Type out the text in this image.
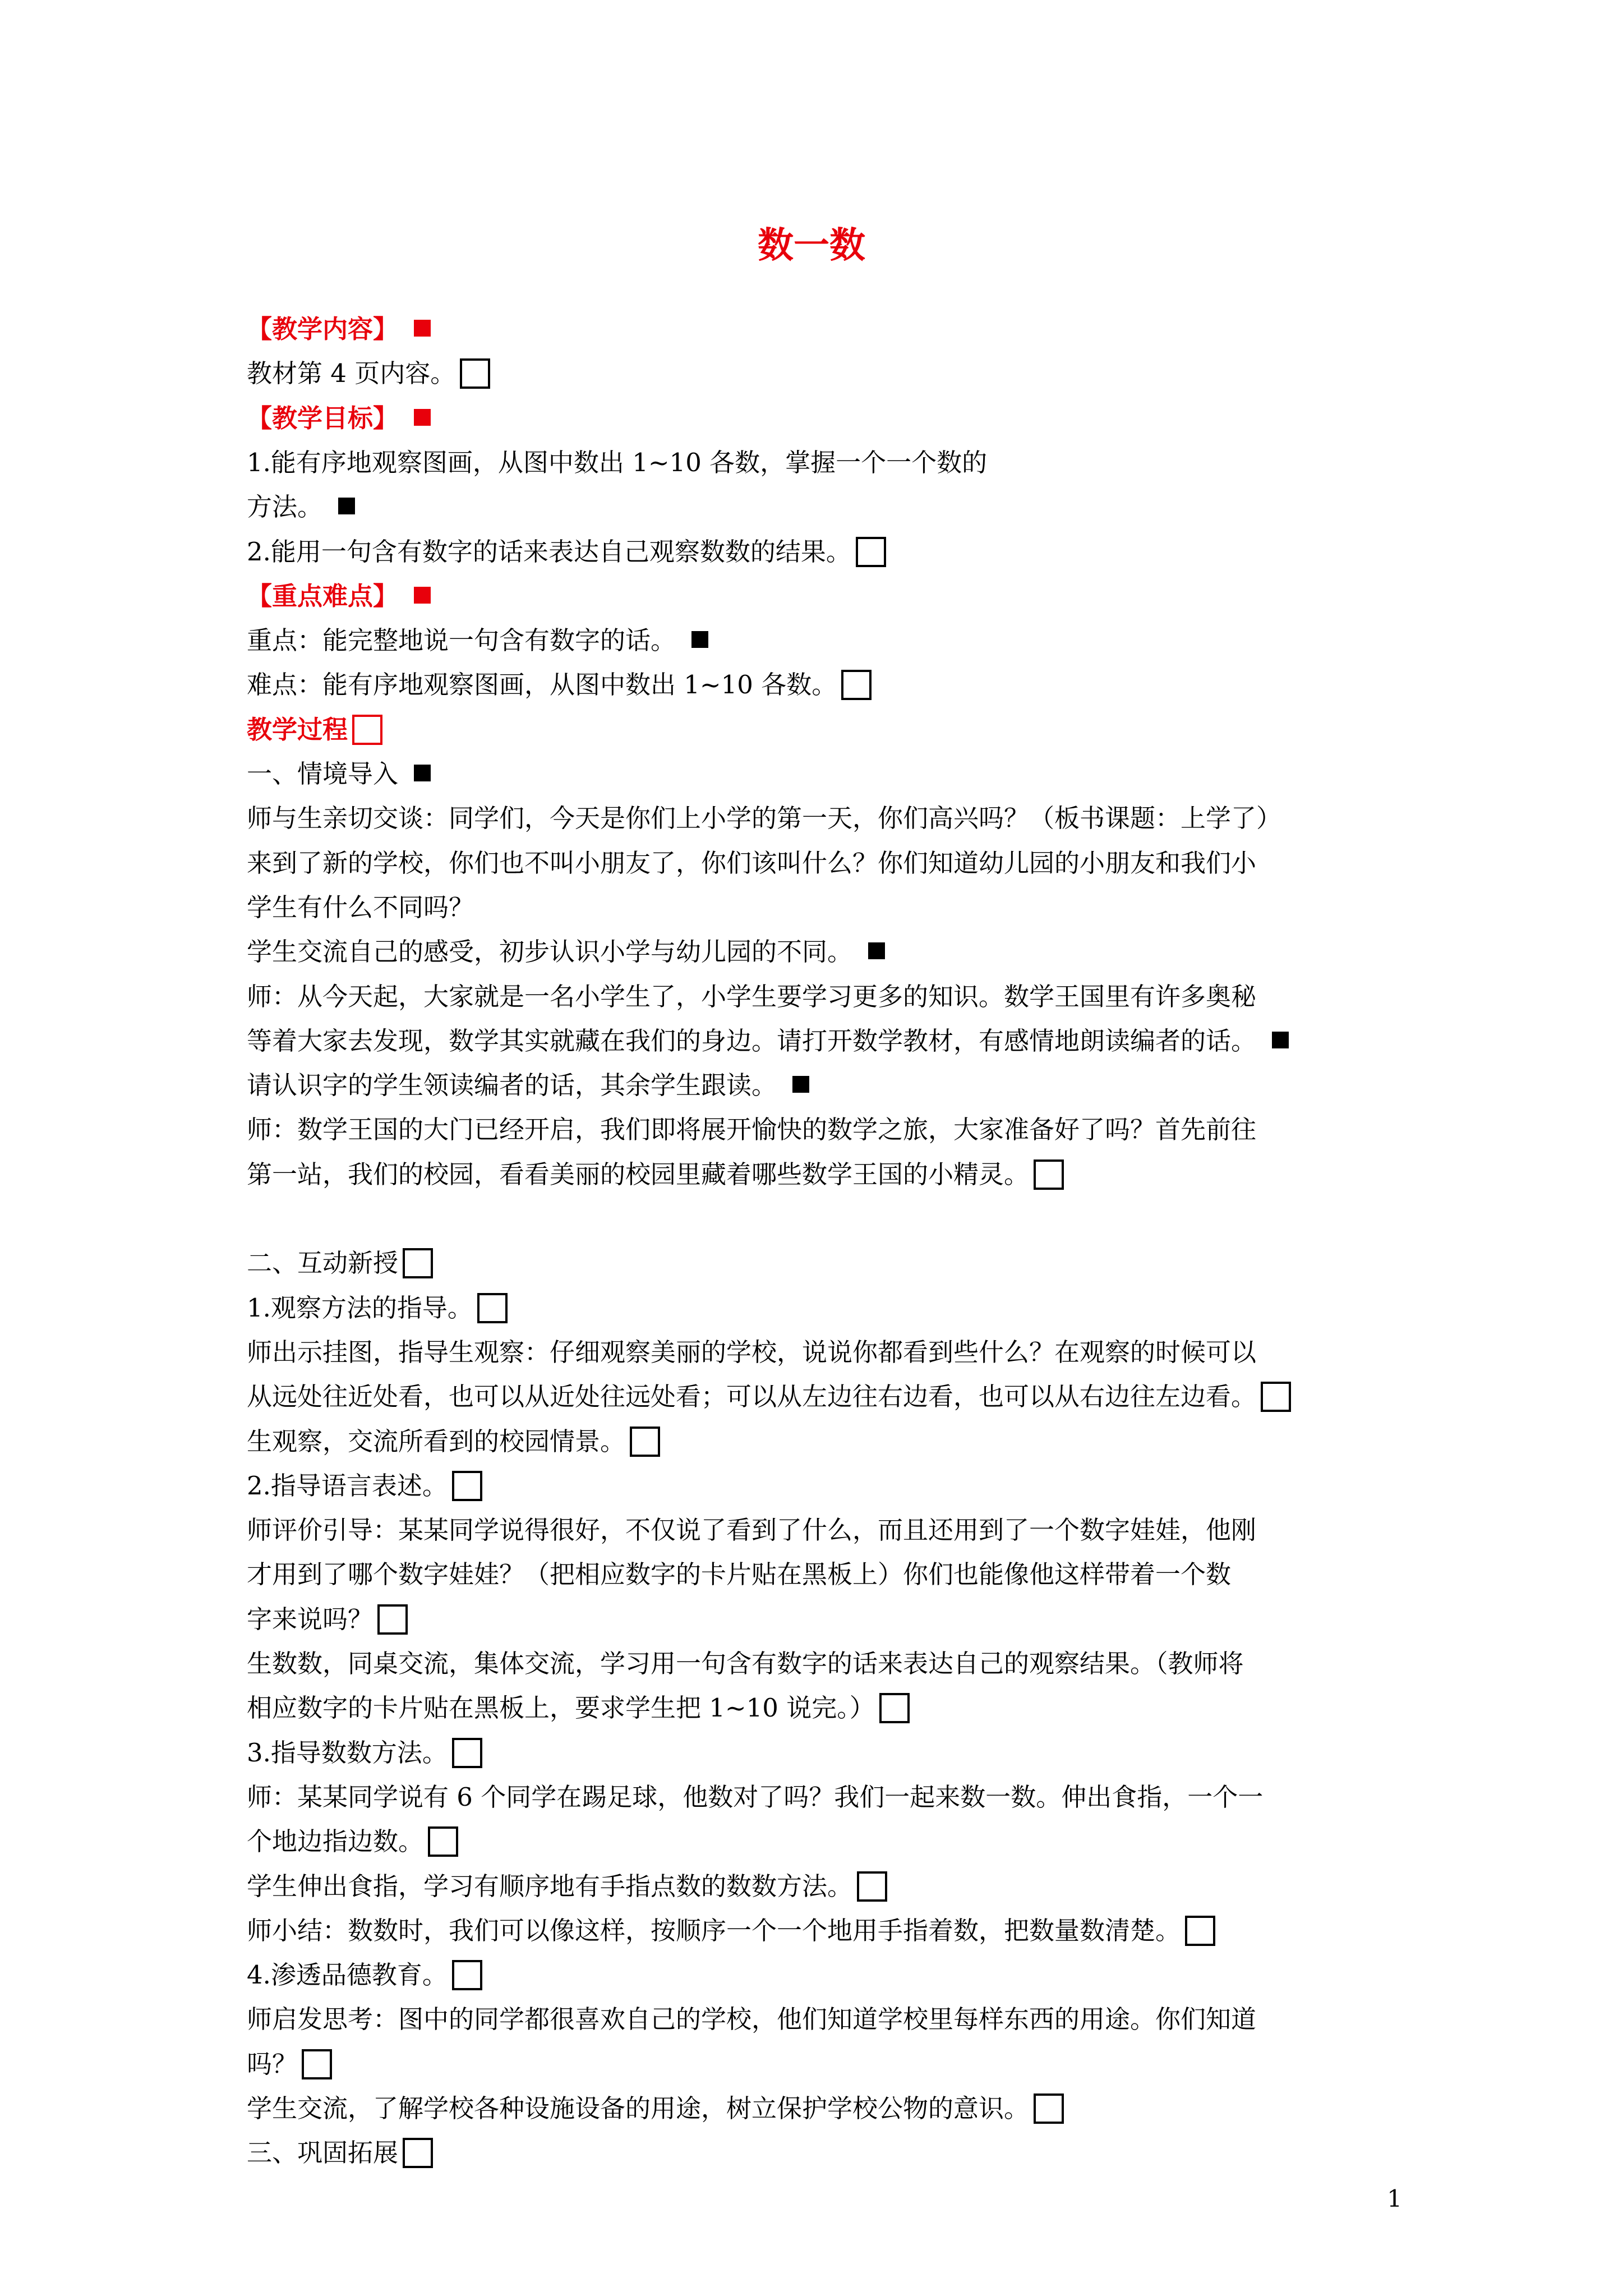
数一数
【教学内容】
教材第 4 页内容。
【教学目标】
1.能有序地观察图画，从图中数出 1~10 各数，掌握一个一个数的
方法。
2.能用一句含有数字的话来表达自己观察数数的结果。
【重点难点】
重点：能完整地说一句含有数字的话。
难点：能有序地观察图画，从图中数出 1~10 各数。
教学过程
一、情境导入
师与生亲切交谈：同学们，今天是你们上小学的第一天，你们高兴吗？（板书课题：上学了）
来到了新的学校，你们也不叫小朋友了，你们该叫什么？你们知道幼儿园的小朋友和我们小
学生有什么不同吗？
学生交流自己的感受，初步认识小学与幼儿园的不同。
师：从今天起，大家就是一名小学生了，小学生要学习更多的知识。数学王国里有许多奥秘
等着大家去发现，数学其实就藏在我们的身边。请打开数学教材，有感情地朗读编者的话。
请认识字的学生领读编者的话，其余学生跟读。
师：数学王国的大门已经开启，我们即将展开愉快的数学之旅，大家准备好了吗？首先前往
第一站，我们的校园，看看美丽的校园里藏着哪些数学王国的小精灵。
二、互动新授
1.观察方法的指导。
师出示挂图，指导生观察：仔细观察美丽的学校，说说你都看到些什么？在观察的时候可以
从远处往近处看，也可以从近处往远处看；可以从左边往右边看，也可以从右边往左边看。
生观察，交流所看到的校园情景。
2.指导语言表述。
师评价引导：某某同学说得很好，不仅说了看到了什么，而且还用到了一个数字娃娃，他刚
才用到了哪个数字娃娃？（把相应数字的卡片贴在黑板上）你们也能像他这样带着一个数
字来说吗？
生数数，同桌交流，集体交流，学习用一句含有数字的话来表达自己的观察结果。（教师将
相应数字的卡片贴在黑板上，要求学生把 1~10 说完。）
3.指导数数方法。
师：某某同学说有 6 个同学在踢足球，他数对了吗？我们一起来数一数。伸出食指，一个一
个地边指边数。
学生伸出食指，学习有顺序地有手指点数的数数方法。
师小结：数数时，我们可以像这样，按顺序一个一个地用手指着数，把数量数清楚。
4.渗透品德教育。
师启发思考：图中的同学都很喜欢自己的学校，他们知道学校里每样东西的用途。你们知道
吗？
学生交流，了解学校各种设施设备的用途，树立保护学校公物的意识。
三、巩固拓展
1
